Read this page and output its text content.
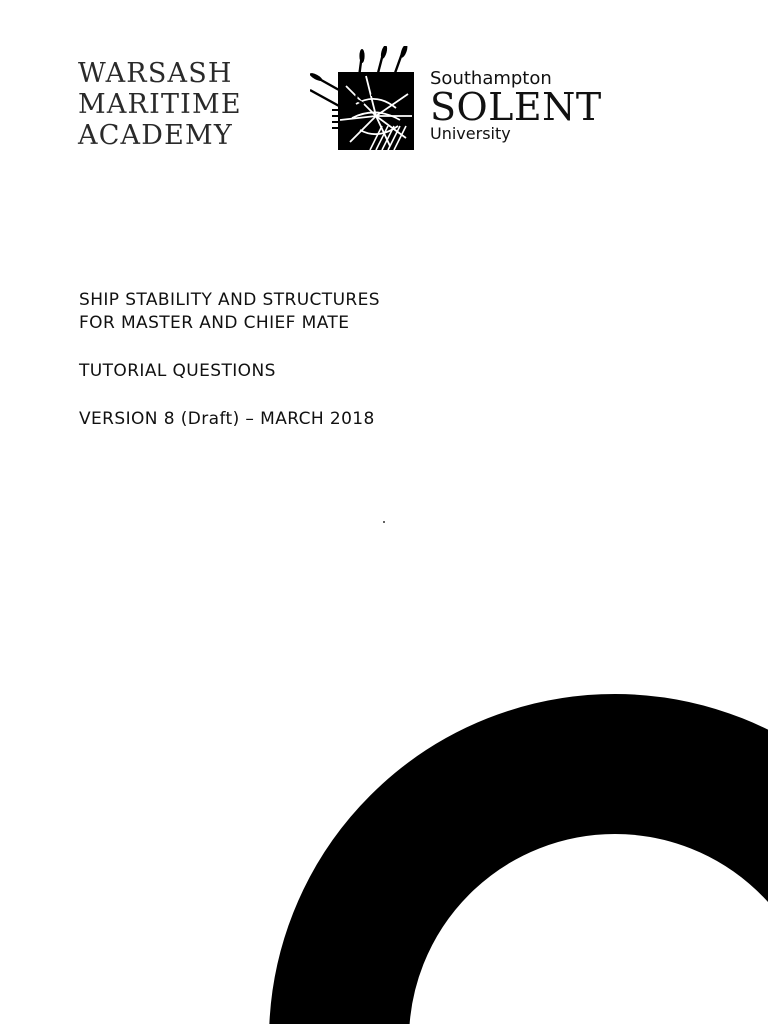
WARSASH
MARITIME
ACADEMY
Southampton
SOLENT
University
SHIP STABILITY AND STRUCTURES
FOR MASTER AND CHIEF MATE
TUTORIAL QUESTIONS
VERSION 8 (Draft) – MARCH 2018
